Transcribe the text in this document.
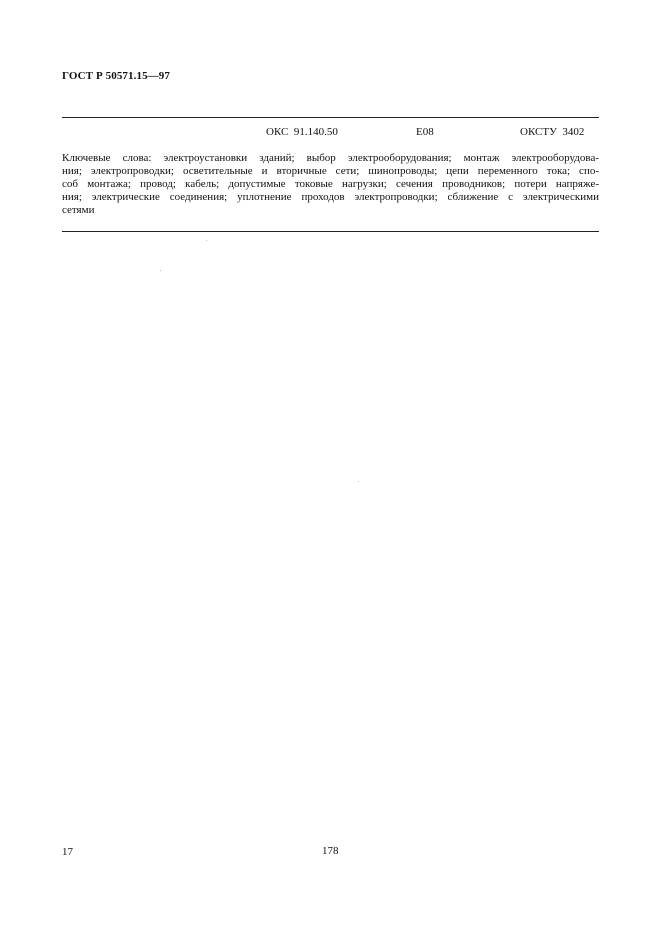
ГОСТ Р 50571.15—97
ОКС  91.140.50	Е08	ОКСТУ  3402

Ключевые слова: электроустановки зданий; выбор электрооборудования; монтаж электрооборудова-
ния; электропроводки; осветительные и вторичные сети; шинопроводы; цепи переменного тока; спо-
соб монтажа; провод; кабель; допустимые токовые нагрузки; сечения проводников; потери напряже-
ния; электрические соединения; уплотнение проходов электропроводки; сближение с электрическими
сетями

17	178
